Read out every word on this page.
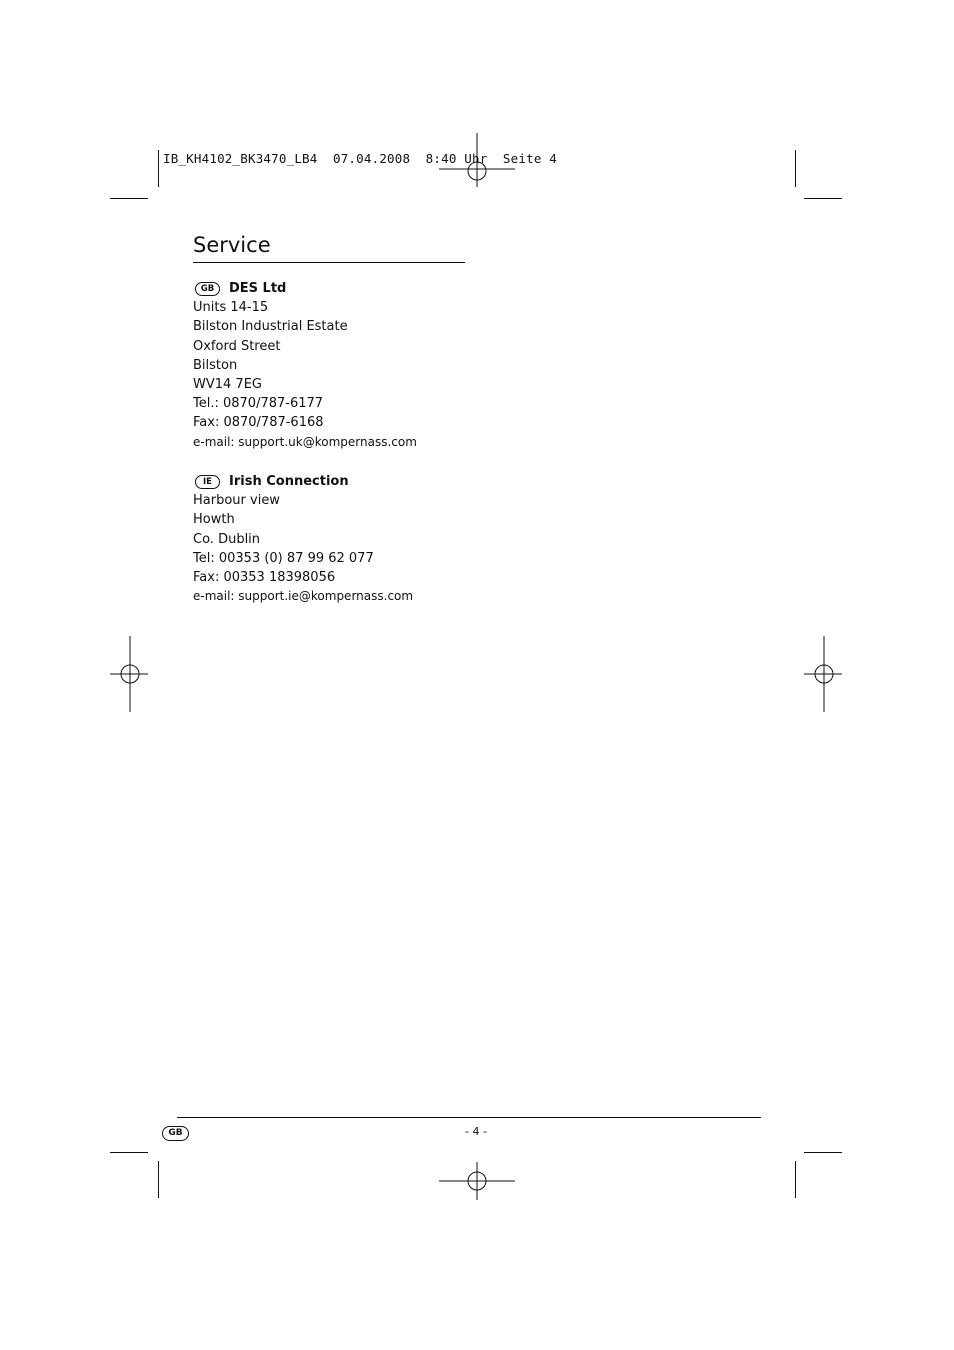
IB_KH4102_BK3470_LB4  07.04.2008  8:40 Uhr  Seite 4
Service
GB	DES Ltd
Units 14-15
Bilston Industrial Estate
Oxford Street
Bilston
WV14 7EG
Tel.: 0870/787-6177
Fax: 0870/787-6168
e-mail: support.uk@kompernass.com
IE	Irish Connection
Harbour view
Howth
Co. Dublin
Tel: 00353 (0) 87 99 62 077
Fax: 00353 18398056
e-mail: support.ie@kompernass.com
GB	- 4 -
